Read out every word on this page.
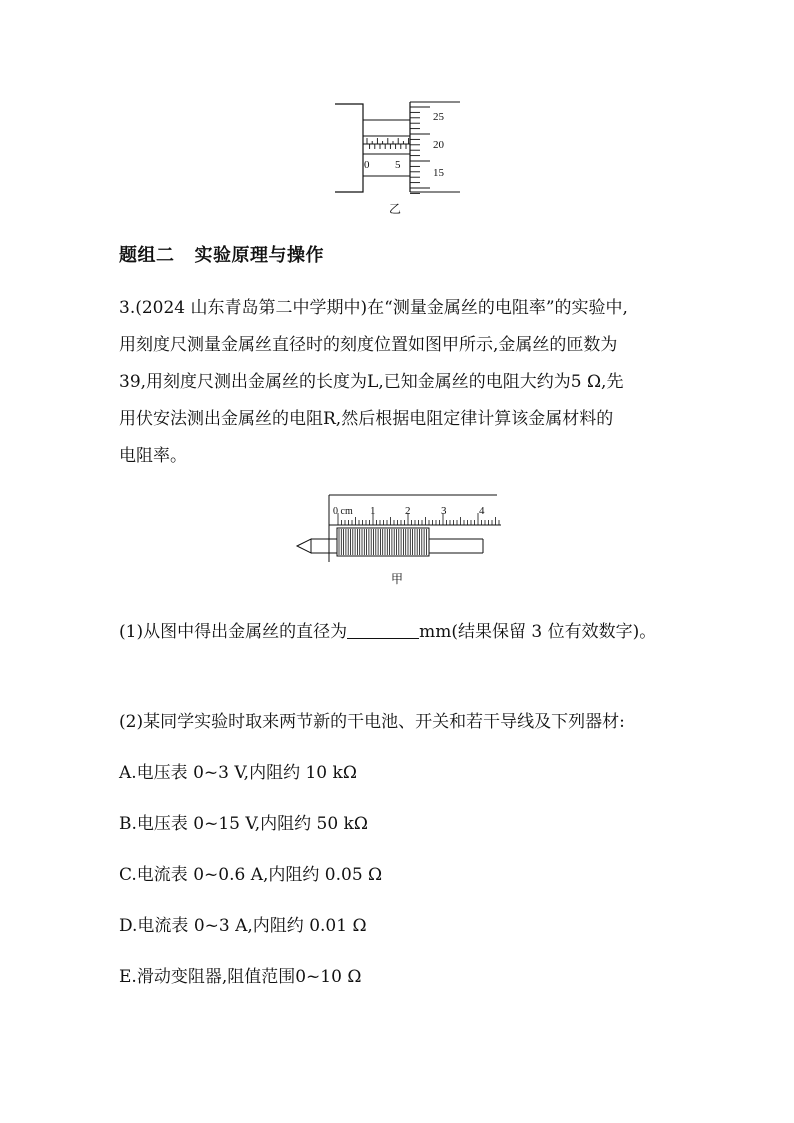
0 5
25
20
15
乙
题组二 实验原理与操作
3.(2024 山东青岛第二中学期中)在“测量金属丝的电阻率”的实验中,
用刻度尺测量金属丝直径时的刻度位置如图甲所示,金属丝的匝数为
39,用刻度尺测出金属丝的长度为L,已知金属丝的电阻大约为5 Ω,先
用伏安法测出金属丝的电阻R,然后根据电阻定律计算该金属材料的
电阻率。
0 cm 1	2	3	4
甲
(1)从图中得出金属丝的直径为	mm(结果保留 3 位有效数字)。
(2)某同学实验时取来两节新的干电池、开关和若干导线及下列器材:
A.电压表 0~3 V,内阻约 10 kΩ
B.电压表 0~15 V,内阻约 50 kΩ
C.电流表 0~0.6 A,内阻约 0.05 Ω
D.电流表 0~3 A,内阻约 0.01 Ω
E.滑动变阻器,阻值范围0~10 Ω
